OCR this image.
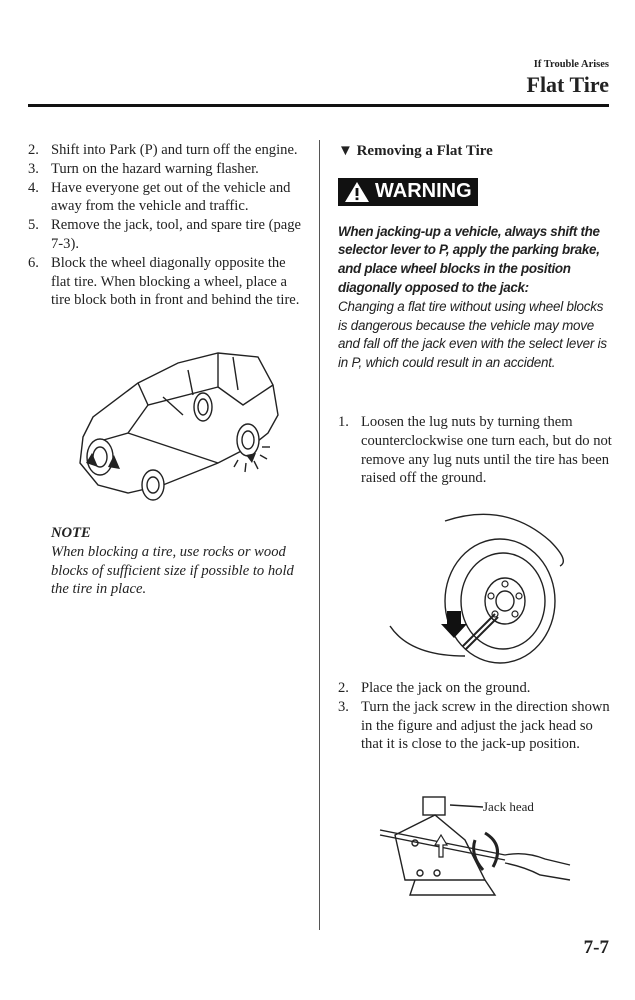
If Trouble Arises
Flat Tire
2. Shift into Park (P) and turn off the engine.
3. Turn on the hazard warning flasher.
4. Have everyone get out of the vehicle and away from the vehicle and traffic.
5. Remove the jack, tool, and spare tire (page 7-3).
6. Block the wheel diagonally opposite the flat tire. When blocking a wheel, place a tire block both in front and behind the tire.
NOTE
When blocking a tire, use rocks or wood blocks of sufficient size if possible to hold the tire in place.
▼ Removing a Flat Tire
WARNING
When jacking-up a vehicle, always shift the selector lever to P, apply the parking brake, and place wheel blocks in the position diagonally opposed to the jack:
Changing a flat tire without using wheel blocks is dangerous because the vehicle may move and fall off the jack even with the select lever is in P, which could result in an accident.
1. Loosen the lug nuts by turning them counterclockwise one turn each, but do not remove any lug nuts until the tire has been raised off the ground.
2. Place the jack on the ground.
3. Turn the jack screw in the direction shown in the figure and adjust the jack head so that it is close to the jack-up position.
Jack head
7-7
